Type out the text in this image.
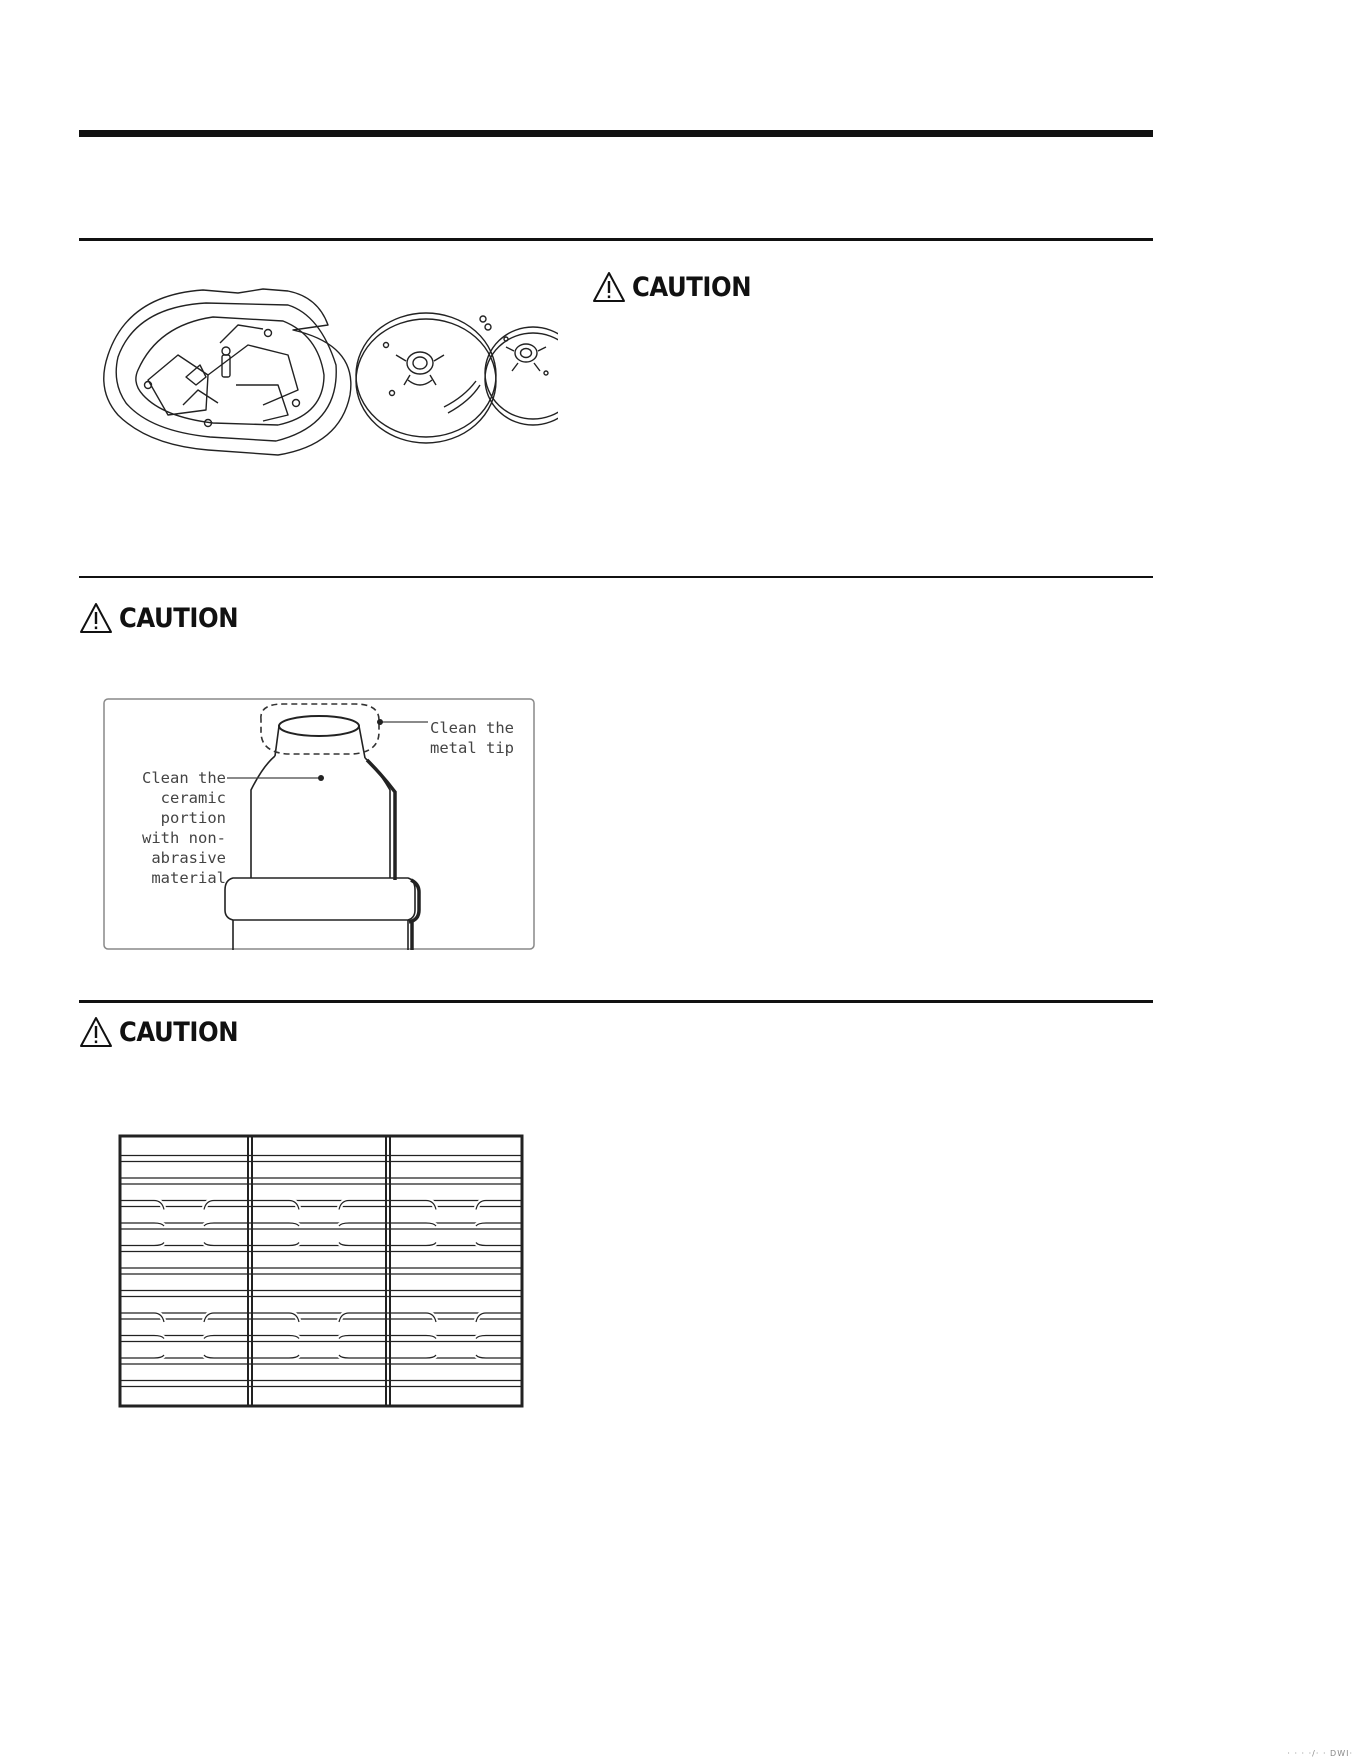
CAUTION
CAUTION
Clean the
metal tip
Clean the
ceramic
portion
with non-
abrasive
material
CAUTION
· · · ·/· · DWI·
